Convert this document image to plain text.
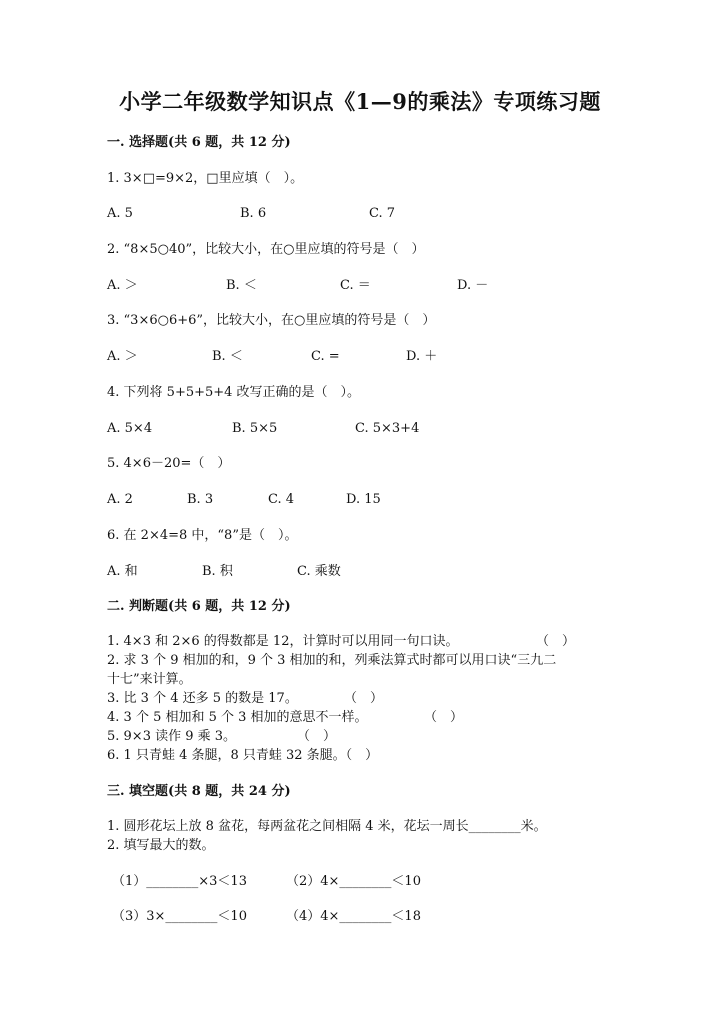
小学二年级数学知识点《1—9的乘法》专项练习题
一. 选择题(共 6 题，共 12 分)
1. 3×□=9×2，□里应填（　）。
A. 5	B. 6	C. 7
2. “8×5○40”，比较大小，在○里应填的符号是（　）
A. ＞	B. ＜	C. ＝	D. －
3. “3×6○6+6”，比较大小，在○里应填的符号是（　）
A. ＞	B. ＜	C. =	D. ＋
4. 下列将 5+5+5+4 改写正确的是（　）。
A. 5×4	B. 5×5	C. 5×3+4
5. 4×6－20=（　）
A. 2	B. 3	C. 4	D. 15
6. 在 2×4=8 中，“8”是（　）。
A. 和	B. 积	C. 乘数
二. 判断题(共 6 题，共 12 分)
1. 4×3 和 2×6 的得数都是 12，计算时可以用同一句口诀。	（　）
2. 求 3 个 9 相加的和，9 个 3 相加的和，列乘法算式时都可以用口诀“三九二
十七”来计算。
3. 比 3 个 4 还多 5 的数是 17。	（　）
4. 3 个 5 相加和 5 个 3 相加的意思不一样。	（　）
5. 9×3 读作 9 乘 3。	（　）
6. 1 只青蛙 4 条腿，8 只青蛙 32 条腿。（　）
三. 填空题(共 8 题，共 24 分)
1. 圆形花坛上放 8 盆花，每两盆花之间相隔 4 米，花坛一周长________米。
2. 填写最大的数。
（1）________×3＜13	（2）4×________＜10
（3）3×________＜10	（4）4×________＜18
